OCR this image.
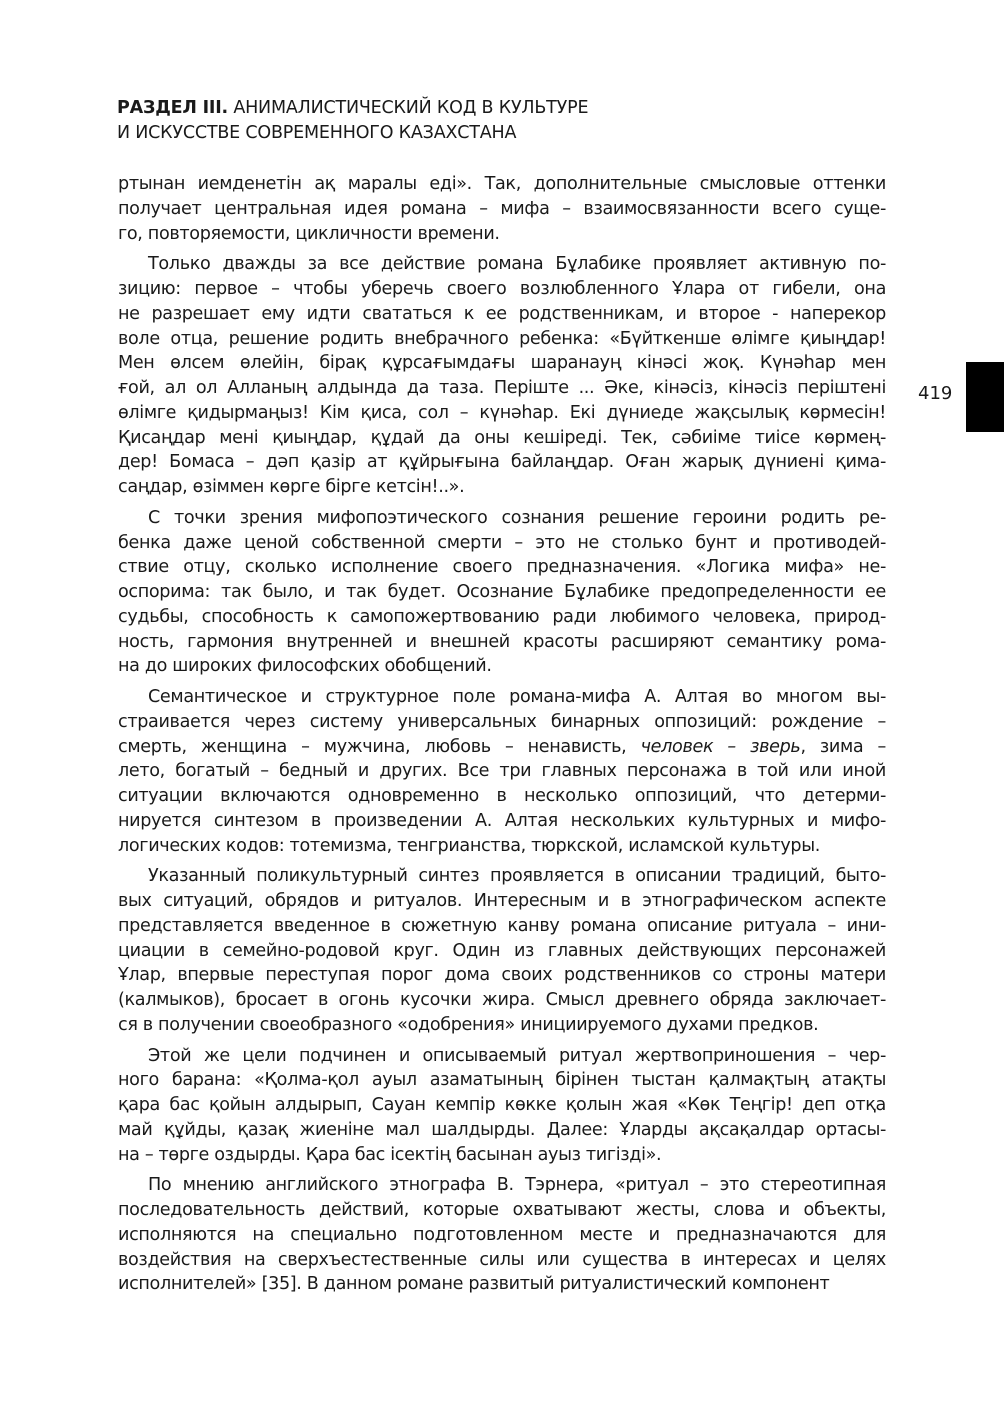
РАЗДЕЛ III. АНИМАЛИСТИЧЕСКИЙ КОД В КУЛЬТУРЕ
И ИСКУССТВЕ СОВРЕМЕННОГО КАЗАХСТАНА
419
ртынан иемденетін ақ маралы еді». Так, дополнительные смысловые оттенки
получает центральная идея романа – мифа – взаимосвязанности всего суще-
го, повторяемости, цикличности времени.
Только дважды за все действие романа Бұлабике проявляет активную по-
зицию: первое – чтобы уберечь своего возлюбленного Ұлара от гибели, она
не разрешает ему идти свататься к ее родственникам, и второе - наперекор
воле отца, решение родить внебрачного ребенка: «Бүйткенше өлімге қиыңдар!
Мен өлсем өлейін, бірақ құрсағымдағы шаранаyң кінәсі жоқ. Күнәһар мен
ғой, ал ол Алланың алдында да таза. Періште ... Әке, кінәсіз, кінәсіз періштені
өлімге қидырмаңыз! Кім қиса, сол – күнәһар. Екі дүниеде жақсылық көрмесін!
Қисаңдар мені қиыңдар, құдай да оны кешіреді. Тек, сәбиіме тиісе көрмең-
дер! Бомаса – дәп қазір ат құйрығына байлаңдар. Оған жарық дүниені қима-
саңдар, өзіммен көрге бірге кетсін!..».
С точки зрения мифопоэтического сознания решение героини родить ре-
бенка даже ценой собственной смерти – это не столько бунт и противодей-
ствие отцу, сколько исполнение своего предназначения. «Логика мифа» не-
оспорима: так было, и так будет. Осознание Бұлабике предопределенности ее
судьбы, способность к самопожертвованию ради любимого человека, природ-
ность, гармония внутренней и внешней красоты расширяют семантику рома-
на до широких философских обобщений.
Семантическое и структурное поле романа-мифа А. Алтая во многом вы-
страивается через систему универсальных бинарных оппозиций: рождение –
смерть, женщина – мужчина, любовь – ненависть, человек – зверь, зима –
лето, богатый – бедный и других. Все три главных персонажа в той или иной
ситуации включаются одновременно в несколько оппозиций, что детерми-
нируется синтезом в произведении А. Алтая нескольких культурных и мифо-
логических кодов: тотемизма, тенгрианства, тюркской, исламской культуры.
Указанный поликультурный синтез проявляется в описании традиций, быто-
вых ситуаций, обрядов и ритуалов. Интересным и в этнографическом аспекте
представляется введенное в сюжетную канву романа описание ритуала – ини-
циации в семейно-родовой круг. Один из главных действующих персонажей
Ұлар, впервые переступая порог дома своих родственников со строны матери
(калмыков), бросает в огонь кусочки жира. Смысл древнего обряда заключает-
ся в получении своеобразного «одобрения» инициируемого духами предков.
Этой же цели подчинен и описываемый ритуал жертвоприношения – чер-
ного барана: «Қолма-қол ауыл азаматының бірінен тыстан қалмақтың атақты
қара бас қойын алдырып, Сауан кемпір көкке қолын жая «Көк Теңгір! деп отқа
май құйды, қазақ жиеніне мал шалдырды. Далее: Ұларды ақсақалдар ортасы-
на – төрге оздырды. Қара бас ісектің басынан ауыз тигізді».
По мнению английского этнографа В. Тэрнера, «ритуал – это стереотипная
последовательность действий, которые охватывают жесты, слова и объекты,
исполняются на специально подготовленном месте и предназначаются для
воздействия на сверхъестественные силы или существа в интересах и целях
исполнителей» [35]. В данном романе развитый ритуалистический компонент
